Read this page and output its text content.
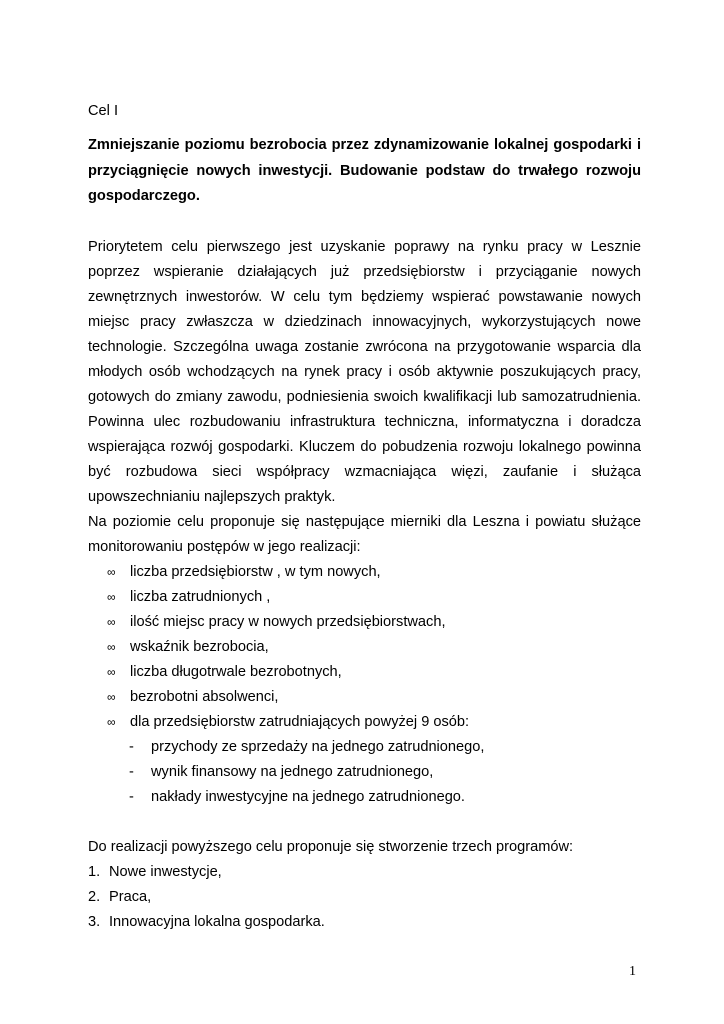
Cel I

Zmniejszanie poziomu bezrobocia przez zdynamizowanie lokalnej gospodarki i przyciągnięcie nowych inwestycji. Budowanie podstaw do trwałego rozwoju gospodarczego.

Priorytetem celu pierwszego jest uzyskanie poprawy na rynku pracy w Lesznie poprzez wspieranie działających już przedsiębiorstw i przyciąganie nowych zewnętrznych inwestorów. W celu tym będziemy wspierać powstawanie nowych miejsc pracy zwłaszcza w dziedzinach innowacyjnych, wykorzystujących nowe technologie. Szczególna uwaga zostanie zwrócona na przygotowanie wsparcia dla młodych osób wchodzących na rynek pracy i osób aktywnie poszukujących pracy, gotowych do zmiany zawodu, podniesienia swoich kwalifikacji lub samozatrudnienia. Powinna ulec rozbudowaniu infrastruktura techniczna, informatyczna i doradcza wspierająca rozwój gospodarki. Kluczem do pobudzenia rozwoju lokalnego powinna być rozbudowa sieci współpracy wzmacniająca więzi, zaufanie i służąca upowszechnianiu najlepszych praktyk.

Na poziomie celu proponuje się następujące mierniki dla Leszna i powiatu służące monitorowaniu postępów w jego realizacji:

∞ liczba przedsiębiorstw , w tym nowych,
∞ liczba zatrudnionych ,
∞ ilość miejsc pracy w nowych przedsiębiorstwach,
∞ wskaźnik bezrobocia,
∞ liczba długotrwale bezrobotnych,
∞ bezrobotni absolwenci,
∞ dla przedsiębiorstw zatrudniających powyżej 9 osób:
- przychody ze sprzedaży na jednego zatrudnionego,
- wynik finansowy na jednego zatrudnionego,
- nakłady inwestycyjne na jednego zatrudnionego.

Do realizacji powyższego celu proponuje się stworzenie trzech programów:

1. Nowe inwestycje,
2. Praca,
3. Innowacyjna lokalna gospodarka.
1
